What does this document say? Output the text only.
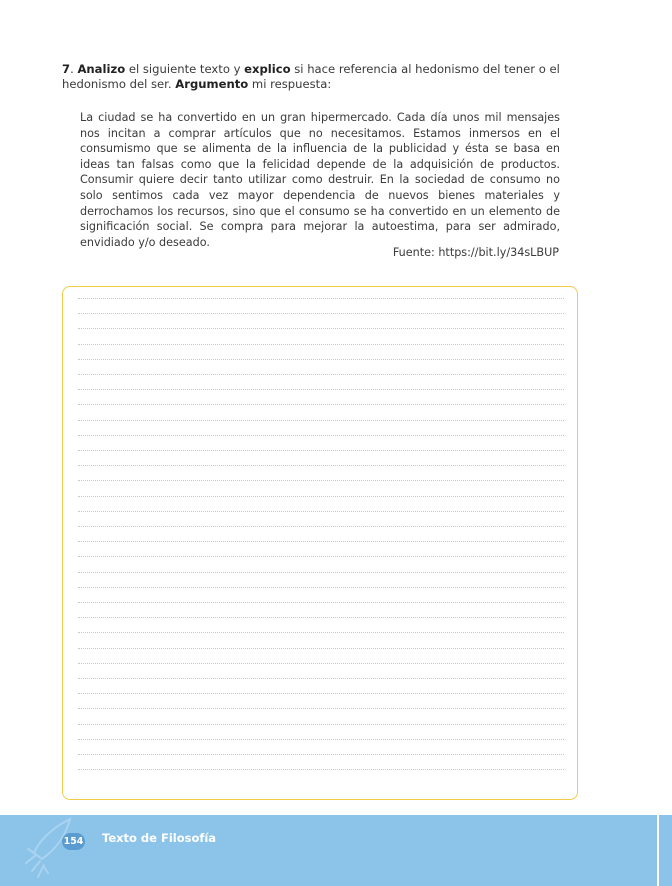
7. Analizo el siguiente texto y explico si hace referencia al hedonismo del tener o el hedonismo del ser. Argumento mi respuesta:

La ciudad se ha convertido en un gran hipermercado. Cada día unos mil mensajes nos incitan a comprar artículos que no necesitamos. Estamos inmersos en el consumismo que se alimenta de la influencia de la publicidad y ésta se basa en ideas tan falsas como que la felicidad depende de la adquisición de productos. Consumir quiere decir tanto utilizar como destruir. En la sociedad de consumo no solo sentimos cada vez mayor dependencia de nuevos bienes materiales y derrochamos los recursos, sino que el consumo se ha convertido en un elemento de significación social. Se compra para mejorar la autoestima, para ser admirado, envidiado y/o deseado.

Fuente: https://bit.ly/34sLBUP
154 Texto de Filosofía
